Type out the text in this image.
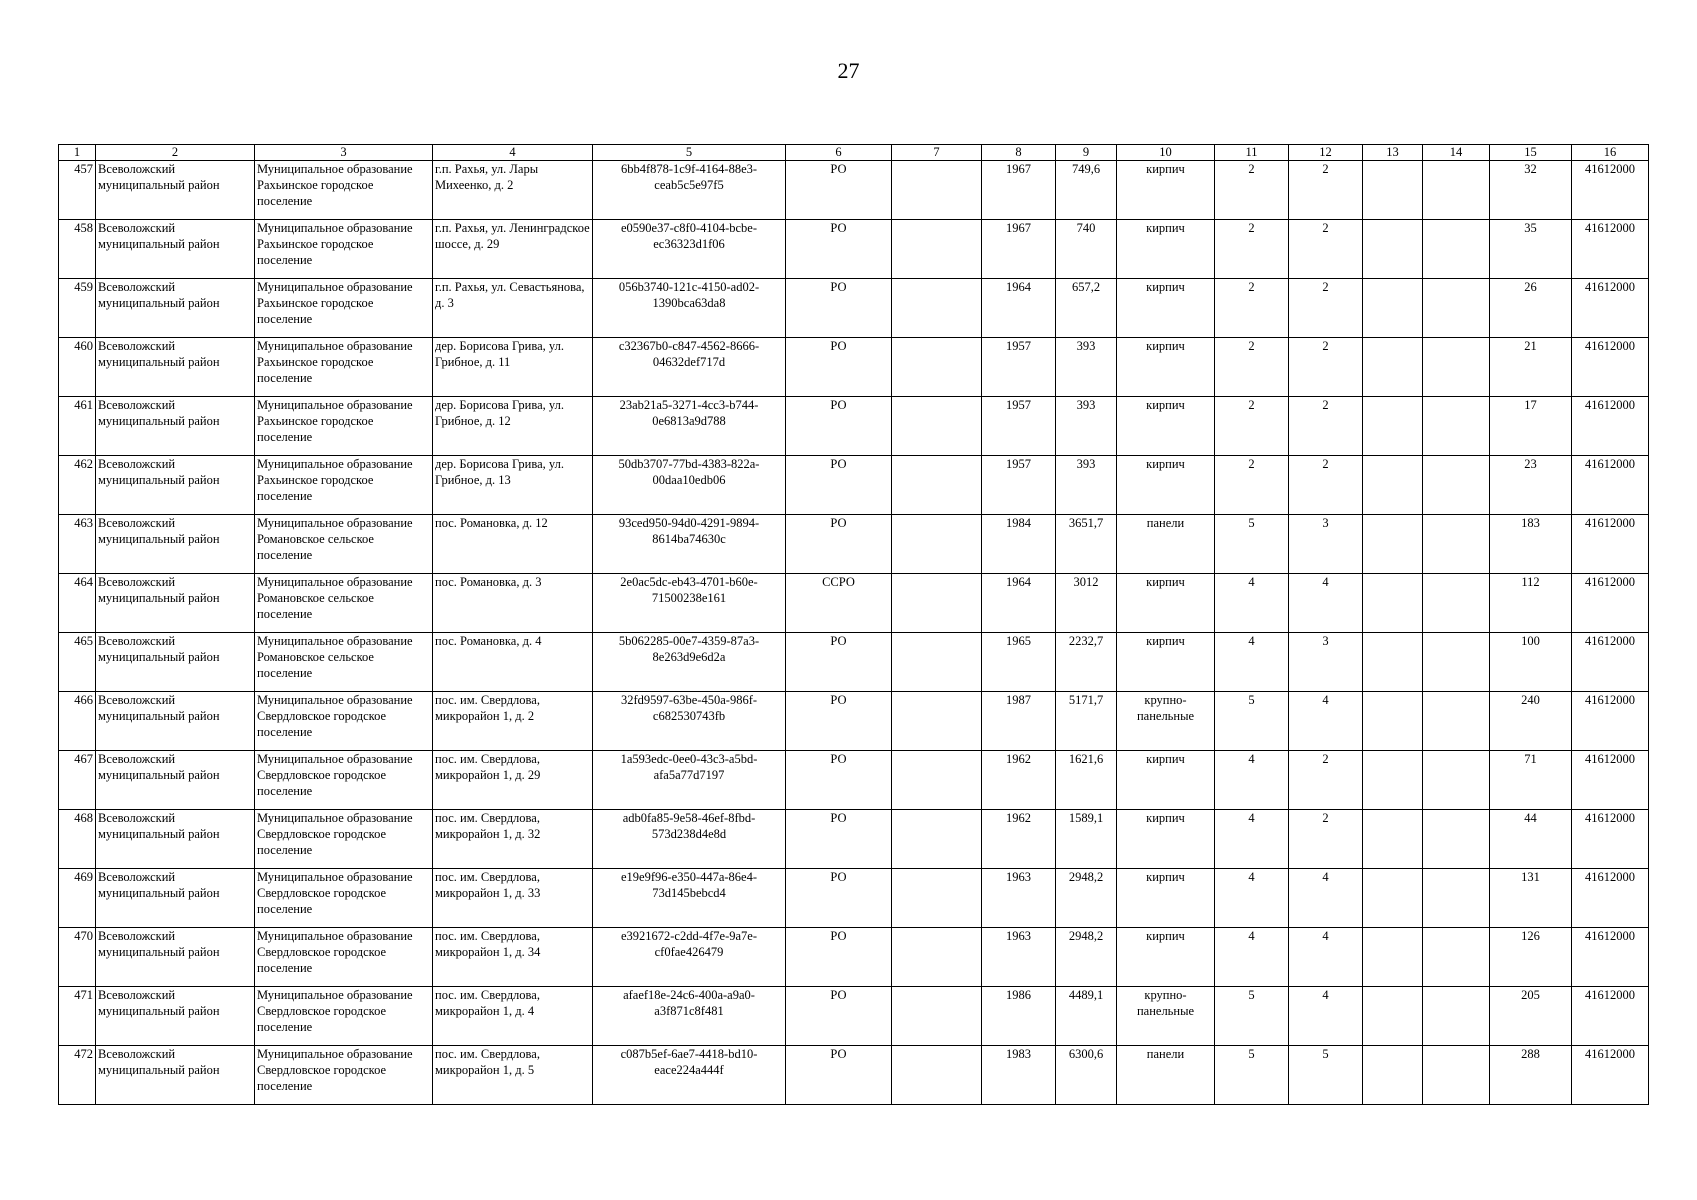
27
1	2	3	4	5	6	7	8	9	10	11	12	13	14	15	16
457	Всеволожский муниципальный район	Муниципальное образование Рахьинское городское поселение	г.п. Рахья, ул. Лары Михеенко, д. 2	6bb4f878-1c9f-4164-88e3-ceab5c5e97f5	РО		1967	749,6	кирпич	2	2			32	41612000
458	Всеволожский муниципальный район	Муниципальное образование Рахьинское городское поселение	г.п. Рахья, ул. Ленинградское шоссе, д. 29	e0590e37-c8f0-4104-bcbe-ec36323d1f06	РО		1967	740	кирпич	2	2			35	41612000
459	Всеволожский муниципальный район	Муниципальное образование Рахьинское городское поселение	г.п. Рахья, ул. Севастьянова, д. 3	056b3740-121c-4150-ad02-1390bca63da8	РО		1964	657,2	кирпич	2	2			26	41612000
460	Всеволожский муниципальный район	Муниципальное образование Рахьинское городское поселение	дер. Борисова Грива, ул. Грибное, д. 11	c32367b0-c847-4562-8666-04632def717d	РО		1957	393	кирпич	2	2			21	41612000
461	Всеволожский муниципальный район	Муниципальное образование Рахьинское городское поселение	дер. Борисова Грива, ул. Грибное, д. 12	23ab21a5-3271-4cc3-b744-0e6813a9d788	РО		1957	393	кирпич	2	2			17	41612000
462	Всеволожский муниципальный район	Муниципальное образование Рахьинское городское поселение	дер. Борисова Грива, ул. Грибное, д. 13	50db3707-77bd-4383-822a-00daa10edb06	РО		1957	393	кирпич	2	2			23	41612000
463	Всеволожский муниципальный район	Муниципальное образование Романовское сельское поселение	пос. Романовка, д. 12	93ced950-94d0-4291-9894-8614ba74630c	РО		1984	3651,7	панели	5	3			183	41612000
464	Всеволожский муниципальный район	Муниципальное образование Романовское сельское поселение	пос. Романовка, д. 3	2e0ac5dc-eb43-4701-b60e-71500238e161	ССРО		1964	3012	кирпич	4	4			112	41612000
465	Всеволожский муниципальный район	Муниципальное образование Романовское сельское поселение	пос. Романовка, д. 4	5b062285-00e7-4359-87a3-8e263d9e6d2a	РО		1965	2232,7	кирпич	4	3			100	41612000
466	Всеволожский муниципальный район	Муниципальное образование Свердловское городское поселение	пос. им. Свердлова, микрорайон 1, д. 2	32fd9597-63be-450a-986f-c682530743fb	РО		1987	5171,7	крупно-панельные	5	4			240	41612000
467	Всеволожский муниципальный район	Муниципальное образование Свердловское городское поселение	пос. им. Свердлова, микрорайон 1, д. 29	1a593edc-0ee0-43c3-a5bd-afa5a77d7197	РО		1962	1621,6	кирпич	4	2			71	41612000
468	Всеволожский муниципальный район	Муниципальное образование Свердловское городское поселение	пос. им. Свердлова, микрорайон 1, д. 32	adb0fa85-9e58-46ef-8fbd-573d238d4e8d	РО		1962	1589,1	кирпич	4	2			44	41612000
469	Всеволожский муниципальный район	Муниципальное образование Свердловское городское поселение	пос. им. Свердлова, микрорайон 1, д. 33	e19e9f96-e350-447a-86e4-73d145bebcd4	РО		1963	2948,2	кирпич	4	4			131	41612000
470	Всеволожский муниципальный район	Муниципальное образование Свердловское городское поселение	пос. им. Свердлова, микрорайон 1, д. 34	e3921672-c2dd-4f7e-9a7e-cf0fae426479	РО		1963	2948,2	кирпич	4	4			126	41612000
471	Всеволожский муниципальный район	Муниципальное образование Свердловское городское поселение	пос. им. Свердлова, микрорайон 1, д. 4	afaef18e-24c6-400a-a9a0-a3f871c8f481	РО		1986	4489,1	крупно-панельные	5	4			205	41612000
472	Всеволожский муниципальный район	Муниципальное образование Свердловское городское поселение	пос. им. Свердлова, микрорайон 1, д. 5	c087b5ef-6ae7-4418-bd10-eace224a444f	РО		1983	6300,6	панели	5	5			288	41612000
